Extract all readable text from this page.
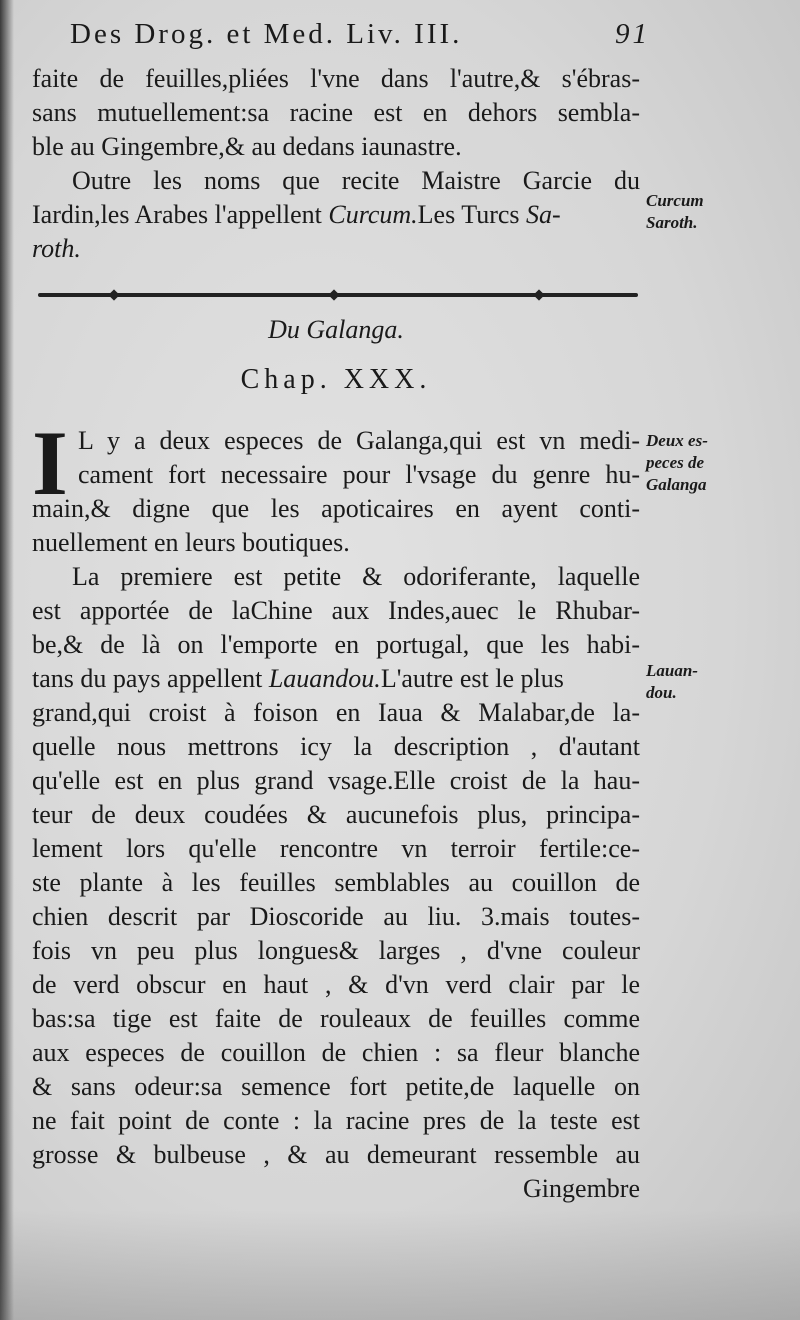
Des Drog. et Med. Liv. III.	91
faite de feuilles,pliées l'vne dans l'autre,& s'ébras-
sans mutuellement:sa racine est en dehors sembla-
ble au Gingembre,& au dedans iaunastre.
Outre les noms que recite Maistre Garcie du
Iardin,les Arabes l'appellent Curcum.Les Turcs Sa-
roth.
Curcum
Saroth.
Du Galanga.
Chap. XXX.
I L y a deux especes de Galanga,qui est vn medi-
cament fort necessaire pour l'vsage du genre hu-
main,& digne que les apoticaires en ayent conti-
nuellement en leurs boutiques.
Deux es-
peces de
Galanga
La premiere est petite & odoriferante, laquelle
est apportée de laChine aux Indes,auec le Rhubar-
be,& de là on l'emporte en portugal, que les habi-
tans du pays appellent Lauandou.L'autre est le plus
grand,qui croist à foison en Iaua & Malabar,de la-
quelle nous mettrons icy la description , d'autant
qu'elle est en plus grand vsage.Elle croist de la hau-
teur de deux coudées & aucunefois plus, principa-
lement lors qu'elle rencontre vn terroir fertile:ce-
ste plante à les feuilles semblables au couillon de
chien descrit par Dioscoride au liu. 3.mais toutes-
fois vn peu plus longues& larges , d'vne couleur
de verd obscur en haut , & d'vn verd clair par le
bas:sa tige est faite de rouleaux de feuilles comme
aux especes de couillon de chien : sa fleur blanche
& sans odeur:sa semence fort petite,de laquelle on
ne fait point de conte : la racine pres de la teste est
grosse & bulbeuse , & au demeurant ressemble au
Gingembre
Lauan-
dou.
